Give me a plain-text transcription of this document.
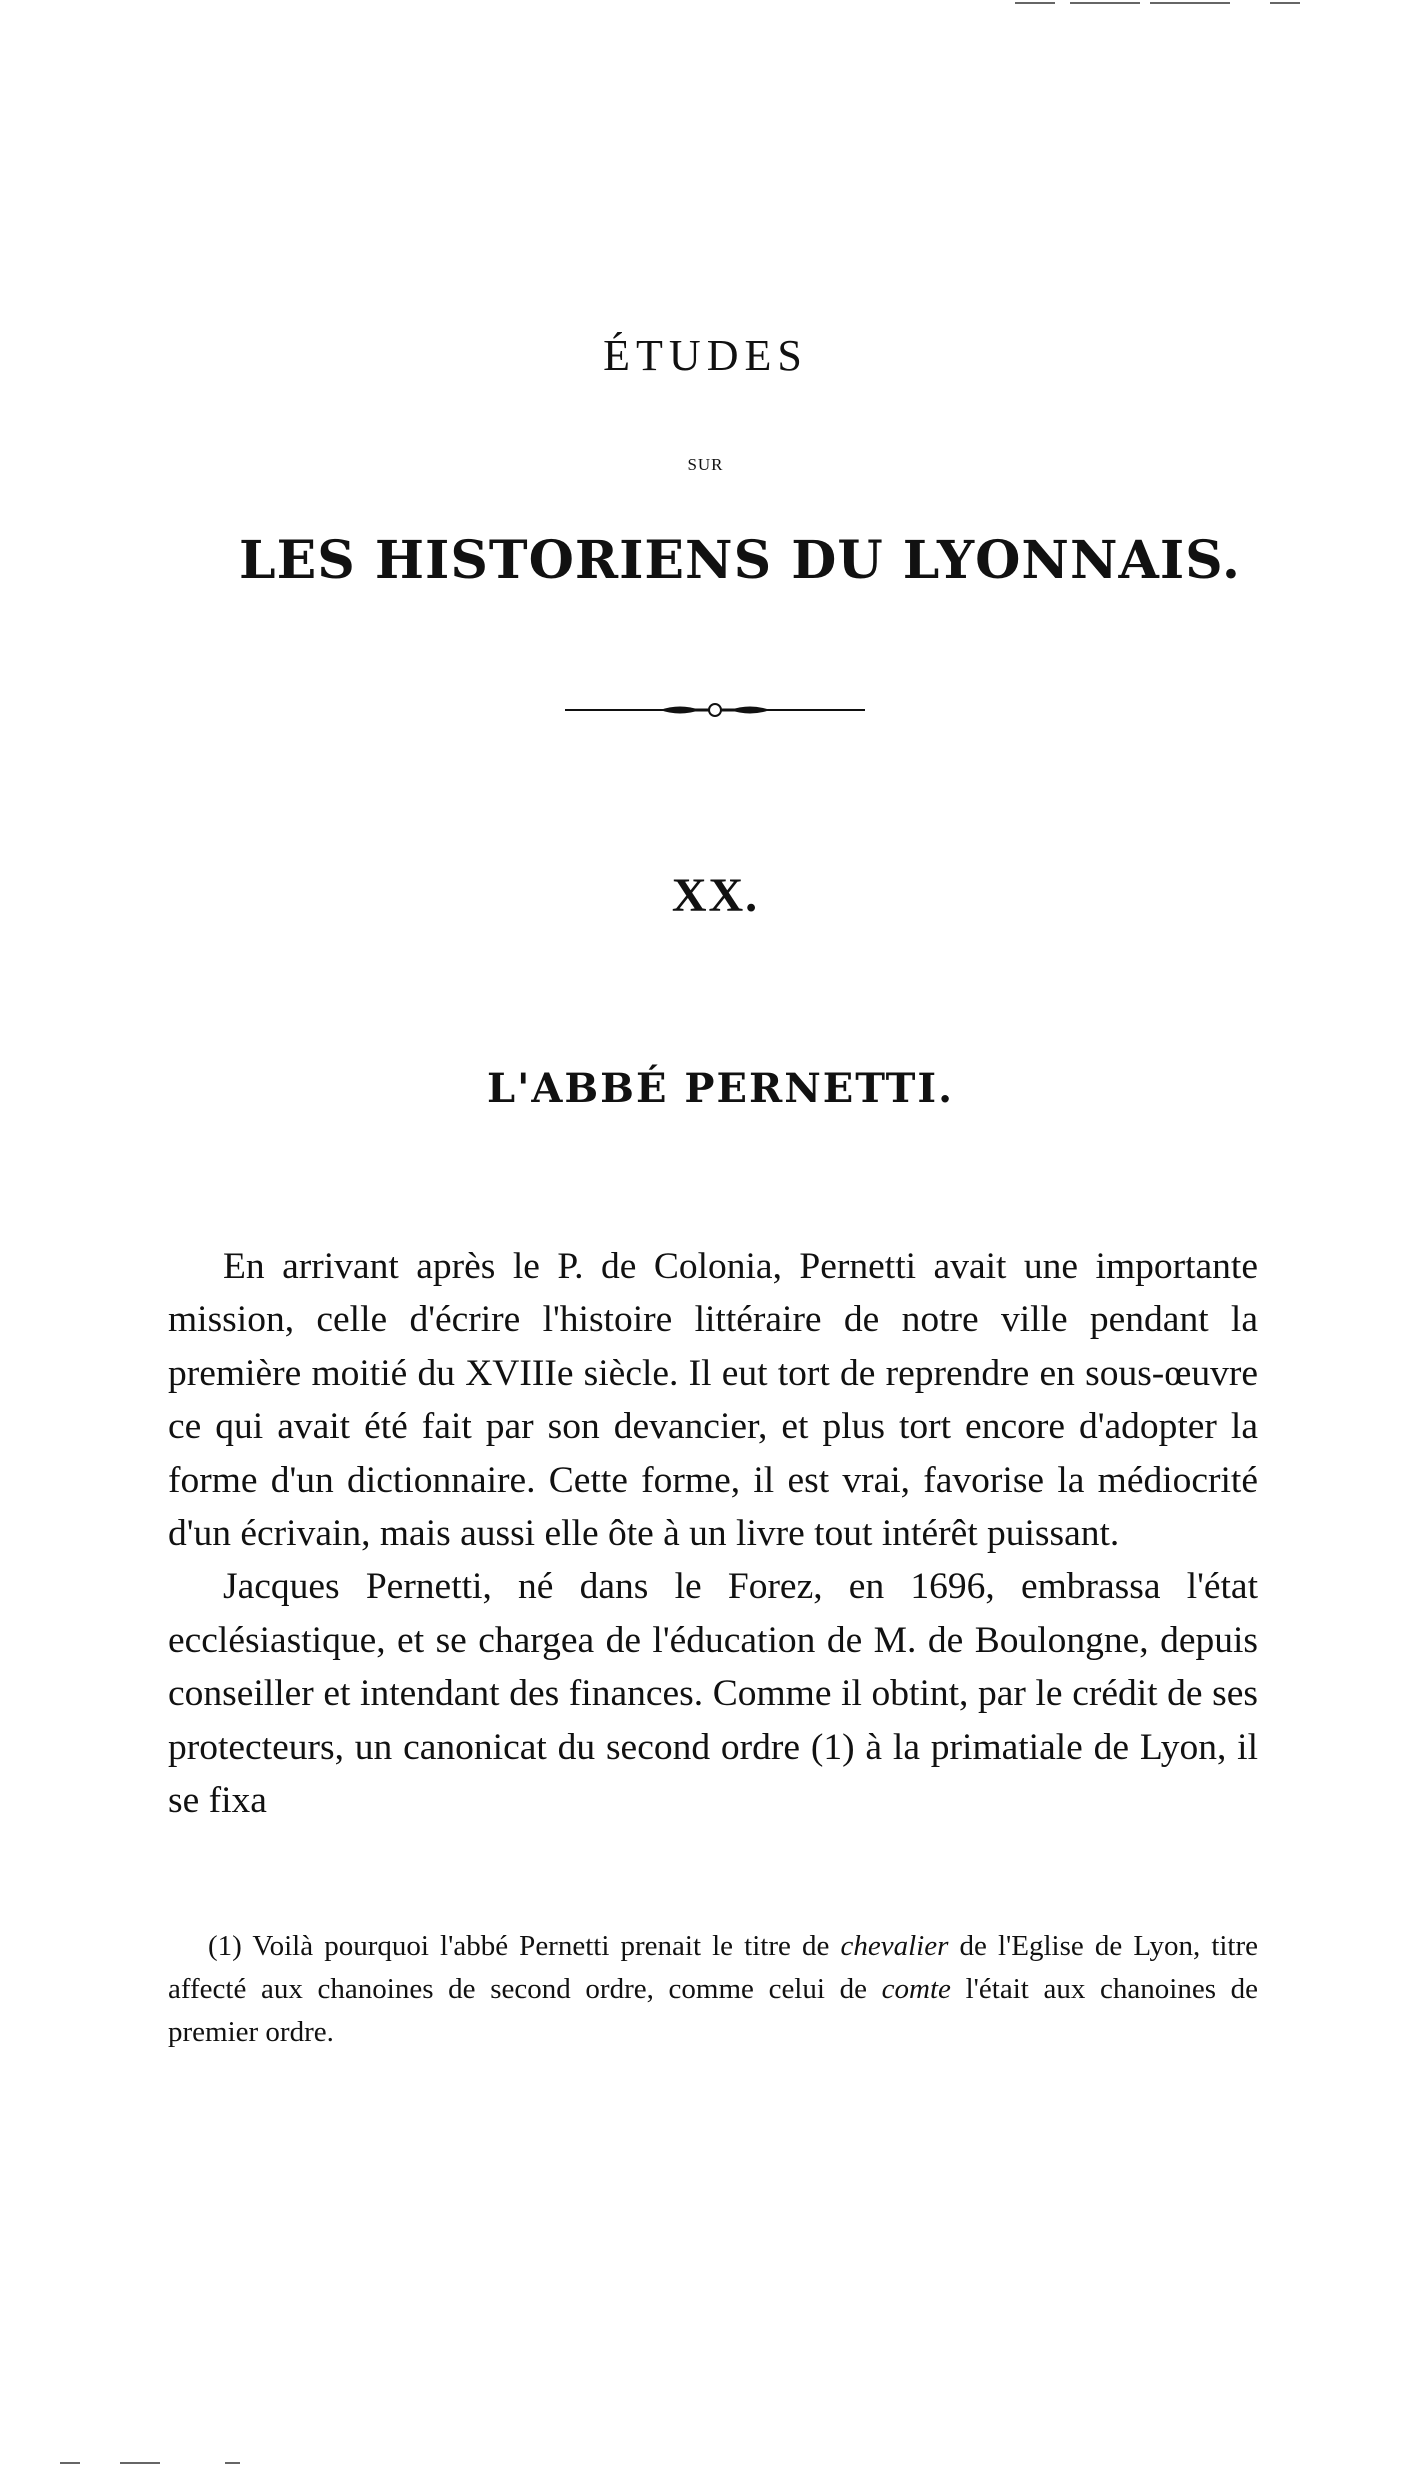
ÉTUDES
SUR
LES HISTORIENS DU LYONNAIS.
XX.
L'ABBÉ PERNETTI.

En arrivant après le P. de Colonia, Pernetti avait une importante mission, celle d'écrire l'histoire littéraire de notre ville pendant la première moitié du XVIIIe siècle. Il eut tort de reprendre en sous-œuvre ce qui avait été fait par son devancier, et plus tort encore d'adopter la forme d'un dictionnaire. Cette forme, il est vrai, favorise la médiocrité d'un écrivain, mais aussi elle ôte à un livre tout intérêt puissant.

Jacques Pernetti, né dans le Forez, en 1696, embrassa l'état ecclésiastique, et se chargea de l'éducation de M. de Boulongne, depuis conseiller et intendant des finances. Comme il obtint, par le crédit de ses protecteurs, un canonicat du second ordre (1) à la primatiale de Lyon, il se fixa

(1) Voilà pourquoi l'abbé Pernetti prenait le titre de chevalier de l'Eglise de Lyon, titre affecté aux chanoines de second ordre, comme celui de comte l'était aux chanoines de premier ordre.
